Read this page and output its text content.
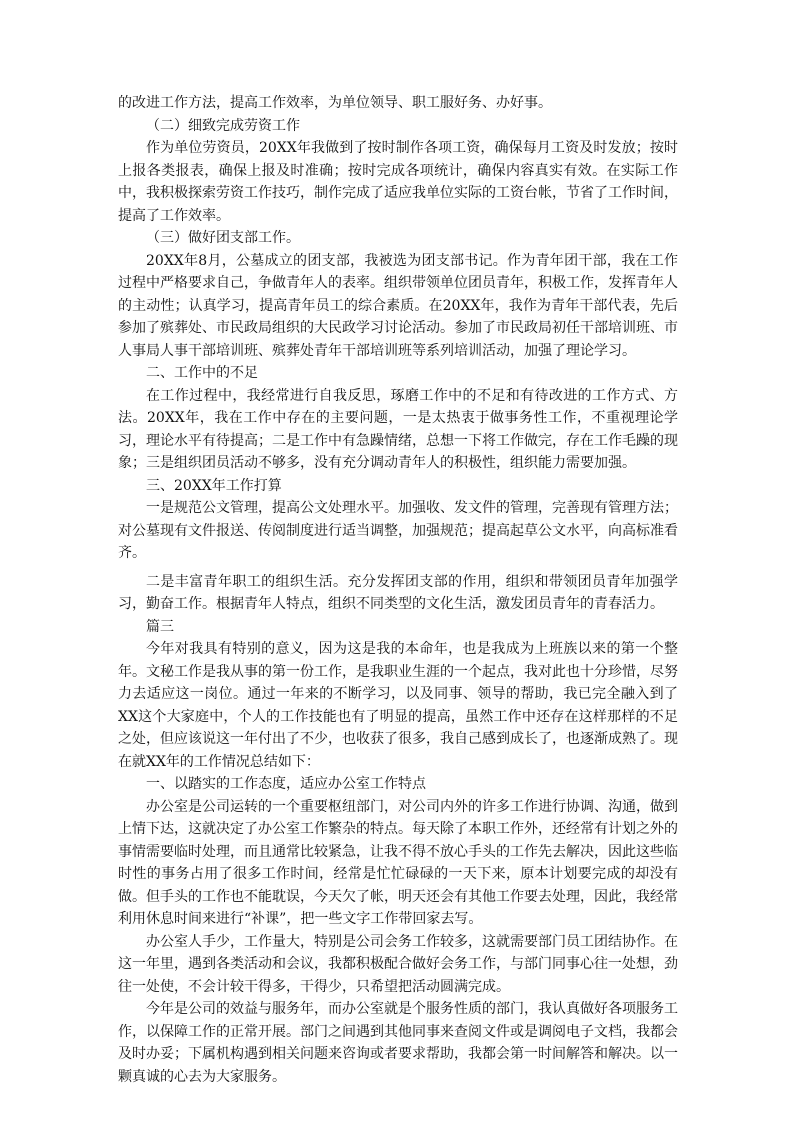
的改进工作方法，提高工作效率，为单位领导、职工服好务、办好事。

（二）细致完成劳资工作

作为单位劳资员，20XX年我做到了按时制作各项工资，确保每月工资及时发放；按时上报各类报表，确保上报及时准确；按时完成各项统计，确保内容真实有效。在实际工作中，我积极探索劳资工作技巧，制作完成了适应我单位实际的工资台帐，节省了工作时间，提高了工作效率。

（三）做好团支部工作。

20XX年8月，公墓成立的团支部，我被选为团支部书记。作为青年团干部，我在工作过程中严格要求自己，争做青年人的表率。组织带领单位团员青年，积极工作，发挥青年人的主动性；认真学习，提高青年员工的综合素质。在20XX年，我作为青年干部代表，先后参加了殡葬处、市民政局组织的大民政学习讨论活动。参加了市民政局初任干部培训班、市人事局人事干部培训班、殡葬处青年干部培训班等系列培训活动，加强了理论学习。

二、工作中的不足

在工作过程中，我经常进行自我反思，琢磨工作中的不足和有待改进的工作方式、方法。20XX年，我在工作中存在的主要问题，一是太热衷于做事务性工作，不重视理论学习，理论水平有待提高；二是工作中有急躁情绪，总想一下将工作做完，存在工作毛躁的现象；三是组织团员活动不够多，没有充分调动青年人的积极性，组织能力需要加强。

三、20XX年工作打算

一是规范公文管理，提高公文处理水平。加强收、发文件的管理，完善现有管理方法；对公墓现有文件报送、传阅制度进行适当调整，加强规范；提高起草公文水平，向高标准看齐。

二是丰富青年职工的组织生活。充分发挥团支部的作用，组织和带领团员青年加强学习，勤奋工作。根据青年人特点，组织不同类型的文化生活，激发团员青年的青春活力。

篇三

今年对我具有特别的意义，因为这是我的本命年，也是我成为上班族以来的第一个整年。文秘工作是我从事的第一份工作，是我职业生涯的一个起点，我对此也十分珍惜，尽努力去适应这一岗位。通过一年来的不断学习，以及同事、领导的帮助，我已完全融入到了XX这个大家庭中，个人的工作技能也有了明显的提高，虽然工作中还存在这样那样的不足之处，但应该说这一年付出了不少，也收获了很多，我自己感到成长了，也逐渐成熟了。现在就XX年的工作情况总结如下：

一、以踏实的工作态度，适应办公室工作特点

办公室是公司运转的一个重要枢纽部门，对公司内外的许多工作进行协调、沟通，做到上情下达，这就决定了办公室工作繁杂的特点。每天除了本职工作外，还经常有计划之外的事情需要临时处理，而且通常比较紧急，让我不得不放心手头的工作先去解决，因此这些临时性的事务占用了很多工作时间，经常是忙忙碌碌的一天下来，原本计划要完成的却没有做。但手头的工作也不能耽误，今天欠了帐，明天还会有其他工作要去处理，因此，我经常利用休息时间来进行“补课”，把一些文字工作带回家去写。

办公室人手少，工作量大，特别是公司会务工作较多，这就需要部门员工团结协作。在这一年里，遇到各类活动和会议，我都积极配合做好会务工作，与部门同事心往一处想，劲往一处使，不会计较干得多，干得少，只希望把活动圆满完成。

今年是公司的效益与服务年，而办公室就是个服务性质的部门，我认真做好各项服务工作，以保障工作的正常开展。部门之间遇到其他同事来查阅文件或是调阅电子文档，我都会及时办妥；下属机构遇到相关问题来咨询或者要求帮助，我都会第一时间解答和解决。以一颗真诚的心去为大家服务。
